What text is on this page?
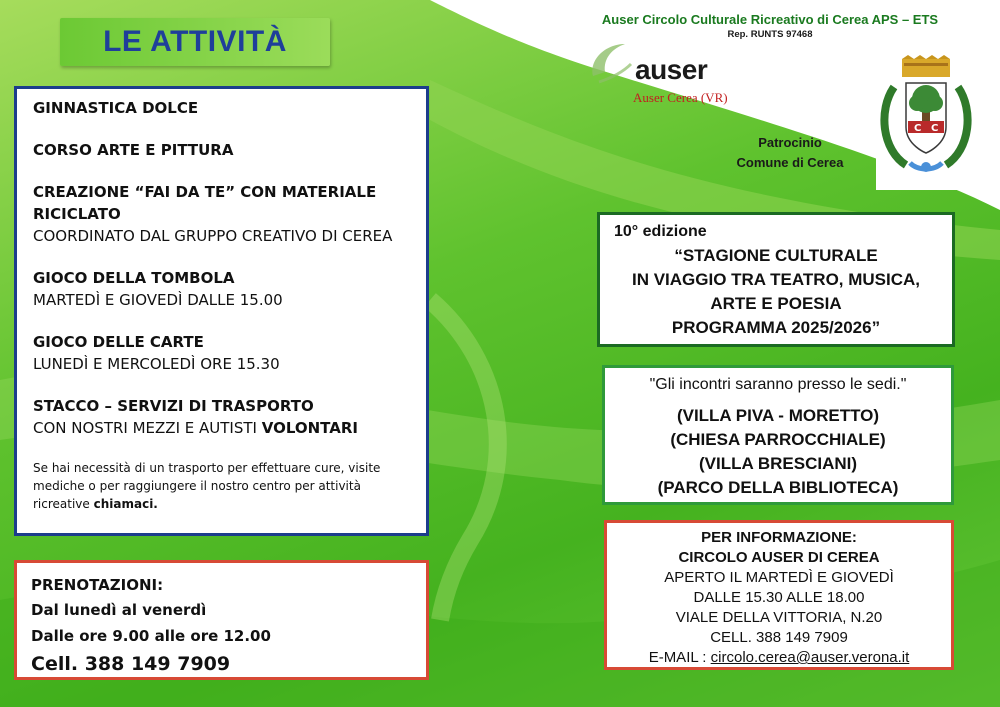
LE ATTIVITÀ
GINNASTICA DOLCE
CORSO ARTE E PITTURA
CREAZIONE “FAI DA TE” CON MATERIALE RICICLATO
COORDINATO DAL GRUPPO CREATIVO DI CEREA
GIOCO DELLA TOMBOLA
MARTEDÌ E GIOVEDÌ DALLE 15.00
GIOCO DELLE CARTE
LUNEDÌ E MERCOLEDÌ ORE 15.30
STACCO – SERVIZI DI TRASPORTO
CON NOSTRI MEZZI E AUTISTI VOLONTARI
Se hai necessità di un trasporto per effettuare cure, visite mediche o per raggiungere il nostro centro per attività ricreative chiamaci.
PRENOTAZIONI:
Dal lunedì al venerdì
Dalle ore 9.00 alle ore 12.00
Cell. 388 149 7909
Auser Circolo Culturale Ricreativo di Cerea APS – ETS
Rep. RUNTS 97468
auser
Auser Cerea (VR)
Patrocinio
Comune di Cerea
C C
10° edizione
“STAGIONE CULTURALE
IN VIAGGIO TRA TEATRO, MUSICA,
ARTE E POESIA
PROGRAMMA 2025/2026”
"Gli incontri saranno presso le sedi."
(VILLA PIVA - MORETTO)
(CHIESA PARROCCHIALE)
(VILLA BRESCIANI)
(PARCO DELLA BIBLIOTECA)
PER INFORMAZIONE:
CIRCOLO AUSER DI CEREA
APERTO IL MARTEDÌ E GIOVEDÌ
DALLE 15.30 ALLE 18.00
VIALE DELLA VITTORIA, N.20
CELL. 388 149 7909
E-MAIL : circolo.cerea@auser.verona.it
